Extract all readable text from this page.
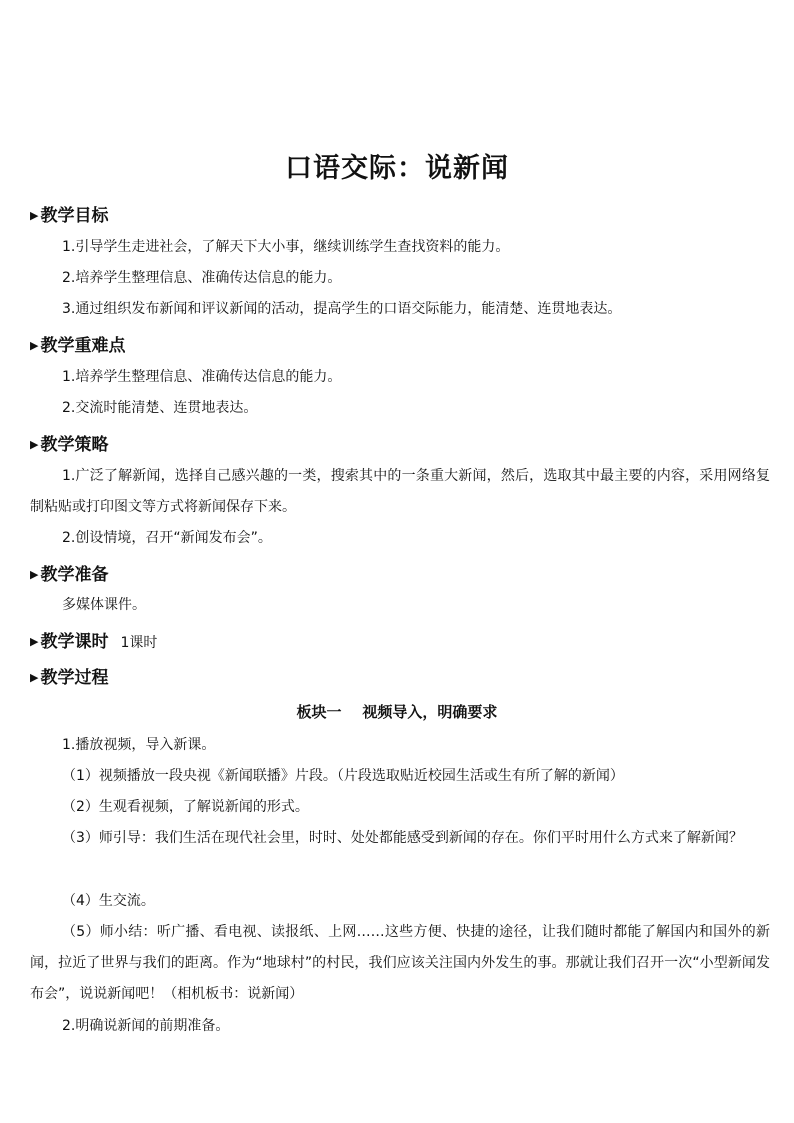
口语交际：说新闻
▶ 教学目标
1.引导学生走进社会，了解天下大小事，继续训练学生查找资料的能力。
2.培养学生整理信息、准确传达信息的能力。
3.通过组织发布新闻和评议新闻的活动，提高学生的口语交际能力，能清楚、连贯地表达。
▶ 教学重难点
1.培养学生整理信息、准确传达信息的能力。
2.交流时能清楚、连贯地表达。
▶ 教学策略
1.广泛了解新闻，选择自己感兴趣的一类，搜索其中的一条重大新闻，然后，选取其中最主要的内容，采用网络复制粘贴或打印图文等方式将新闻保存下来。
2.创设情境，召开“新闻发布会”。
▶ 教学准备
多媒体课件。
▶ 教学课时 1课时
▶ 教学过程
板块一    视频导入，明确要求
1.播放视频，导入新课。
（1）视频播放一段央视《新闻联播》片段。（片段选取贴近校园生活或生有所了解的新闻）
（2）生观看视频，了解说新闻的形式。
（3）师引导：我们生活在现代社会里，时时、处处都能感受到新闻的存在。你们平时用什么方式来了解新闻？
（4）生交流。
（5）师小结：听广播、看电视、读报纸、上网……这些方便、快捷的途径，让我们随时都能了解国内和国外的新闻，拉近了世界与我们的距离。作为“地球村”的村民，我们应该关注国内外发生的事。那就让我们召开一次“小型新闻发布会”，说说新闻吧！（相机板书：说新闻）
2.明确说新闻的前期准备。
